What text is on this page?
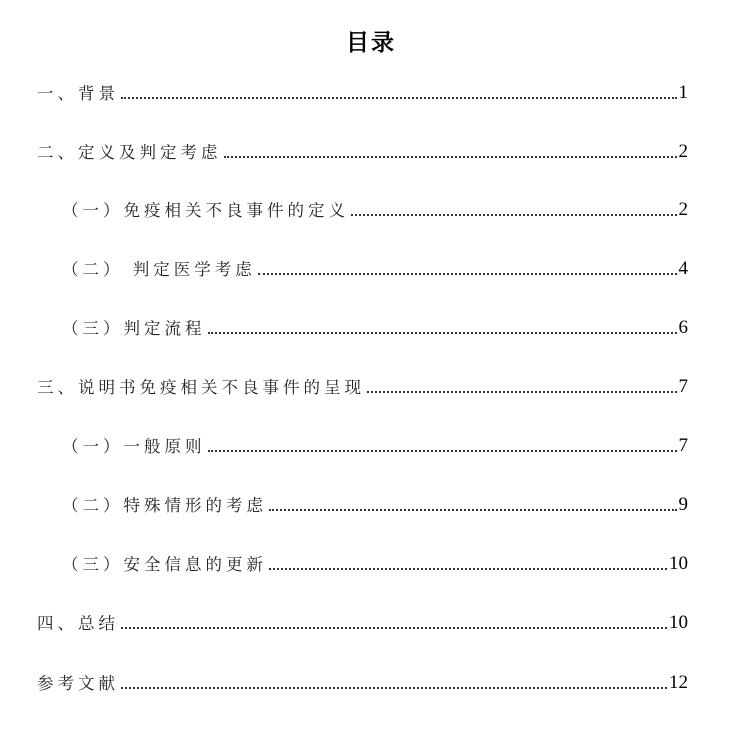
目录
一、背景	1
二、定义及判定考虑	2
（一）免疫相关不良事件的定义	2
（二） 判定医学考虑	4
（三）判定流程	6
三、说明书免疫相关不良事件的呈现	7
（一）一般原则	7
（二）特殊情形的考虑	9
（三）安全信息的更新	10
四、总结	10
参考文献	12
